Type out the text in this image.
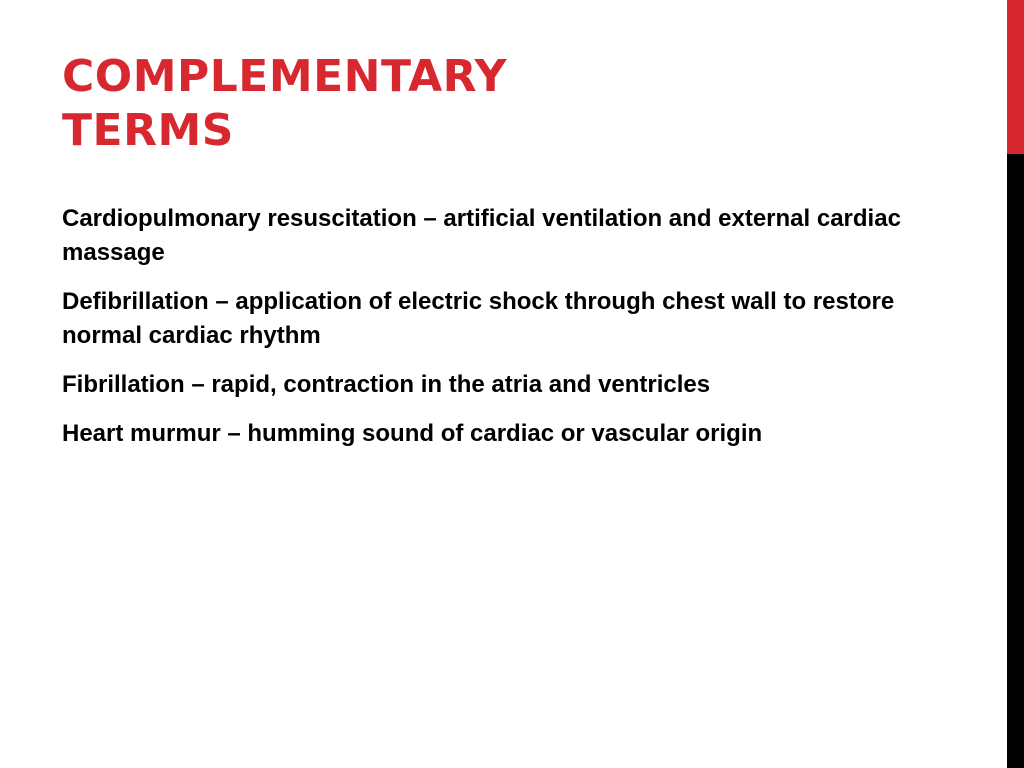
COMPLEMENTARY
TERMS
Cardiopulmonary resuscitation – artificial ventilation and external cardiac massage
Defibrillation – application of electric shock through chest wall to restore normal cardiac rhythm
Fibrillation – rapid, contraction in the atria and ventricles
Heart murmur – humming sound of cardiac or vascular origin
